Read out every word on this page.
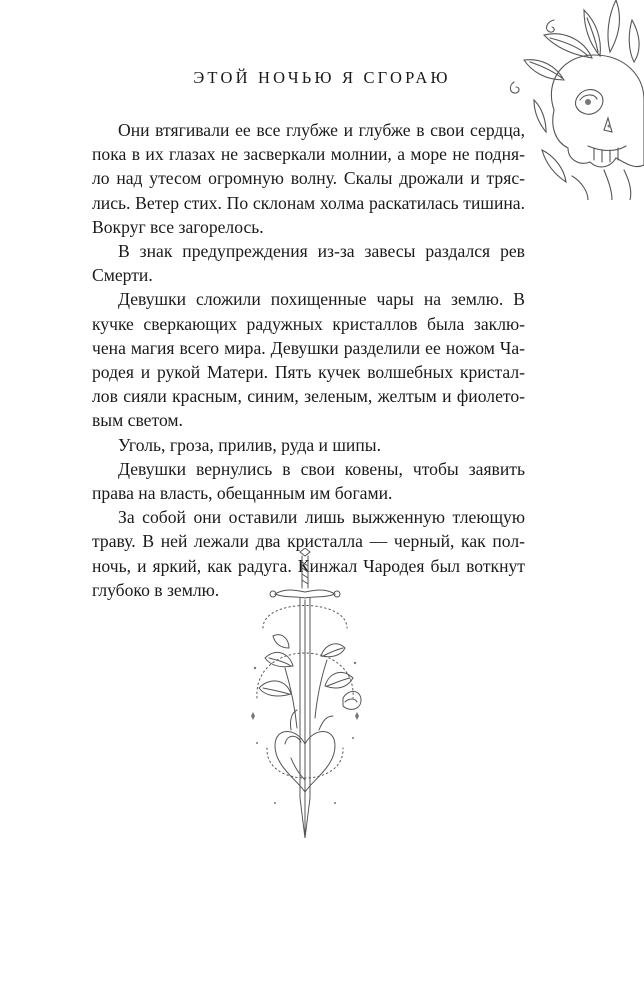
ЭТОЙ НОЧЬЮ Я СГОРАЮ

Они втягивали ее все глубже и глубже в свои сердца, пока в их глазах не засверкали молнии, а море не подняло над утесом огромную волну. Скалы дрожали и тряслись. Ветер стих. По склонам холма раскатилась тишина. Вокруг все загорелось.

В знак предупреждения из-за завесы раздался рев Смерти.

Девушки сложили похищенные чары на землю. В кучке сверкающих радужных кристаллов была заключена магия всего мира. Девушки разделили ее ножом Чародея и рукой Матери. Пять кучек волшебных кристаллов сияли красным, синим, зеленым, желтым и фиолетовым светом.

Уголь, гроза, прилив, руда и шипы.

Девушки вернулись в свои ковены, чтобы заявить права на власть, обещанным им богами.

За собой они оставили лишь выжженную тлеющую траву. В ней лежали два кристалла — черный, как полночь, и яркий, как радуга. Кинжал Чародея был воткнут глубоко в землю.
